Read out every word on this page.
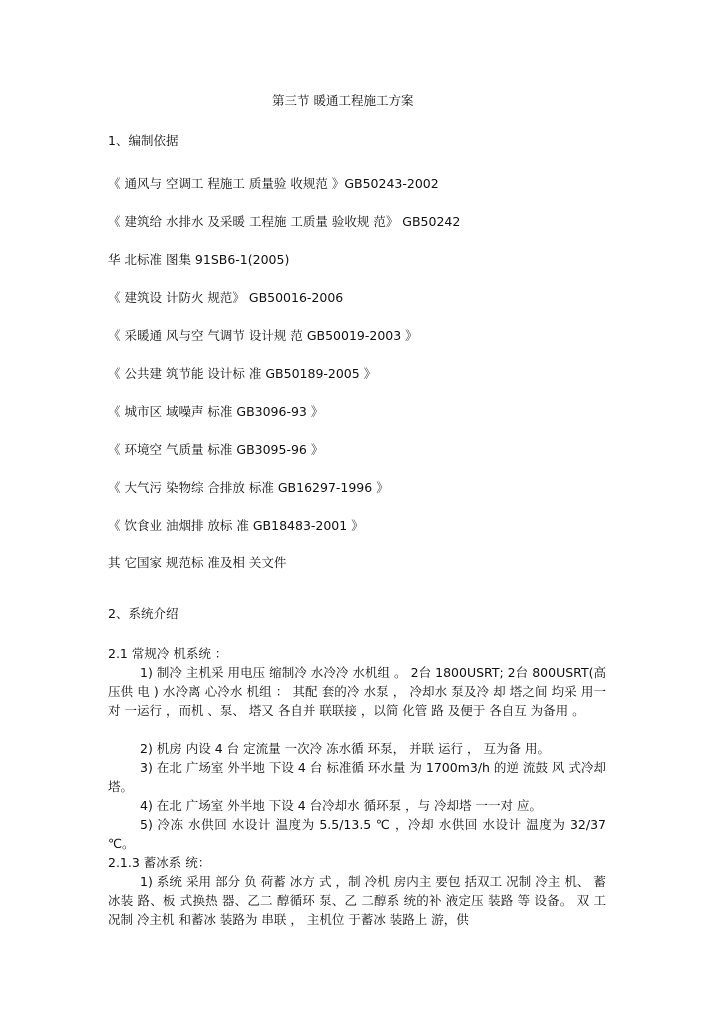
第三节 暖通工程施工方案
1、编制依据
《 通风与 空调工 程施工 质量验 收规范 》GB50243-2002
《 建筑给 水排水 及采暖 工程施 工质量 验收规 范》 GB50242
华 北标准 图集 91SB6-1(2005)
《 建筑设 计防火 规范》 GB50016-2006
《 采暖通 风与空 气调节 设计规 范 GB50019-2003 》
《 公共建 筑节能 设计标 准 GB50189-2005 》
《 城市区 域噪声 标准 GB3096-93 》
《 环境空 气质量 标准 GB3095-96 》
《 大气污 染物综 合排放 标准 GB16297-1996 》
《 饮食业 油烟排 放标 准 GB18483-2001 》
其 它国家 规范标 准及相 关文件
2、系统介绍
2.1 常规冷 机系统 ：
1) 制冷 主机采 用电压 缩制冷 水冷冷 水机组 。 2台 1800USRT; 2台 800USRT(高压供 电 ) 水冷离 心冷水 机组 ： 其配 套的冷 水泵 ， 冷却水 泵及冷 却 塔之间 均采 用一对 一运行 ，而机 、泵、 塔又 各自并 联联接 ，以简 化管 路 及便于 各自互 为备用 。
2) 机房 内设 4 台 定流量 一次冷 冻水循 环泵， 并联 运行 ， 互为备 用。
3) 在北 广场室 外半地 下设 4 台 标准循 环水量 为 1700m3/h 的逆 流鼓 风 式冷却 塔。
4) 在北 广场室 外半地 下设 4 台冷却水 循环泵 ，与 冷却塔 一一对 应。
5) 冷冻 水供回 水设计 温度为 5.5/13.5 ℃ ，冷却 水供回 水设计 温度为 32/37 ℃。
2.1.3 蓄冰系 统：
1) 系统 采用 部分 负 荷蓄 冰方 式 ，制 冷机 房内主 要包 括双工 况制 冷主 机、 蓄冰装 路、板 式换热 器、乙二 醇循环 泵、乙 二醇系 统的补 液定压 装路 等 设备。 双 工况制 冷主机 和蓄冰 装路为 串联 ， 主机位 于蓄冰 装路上 游，供
